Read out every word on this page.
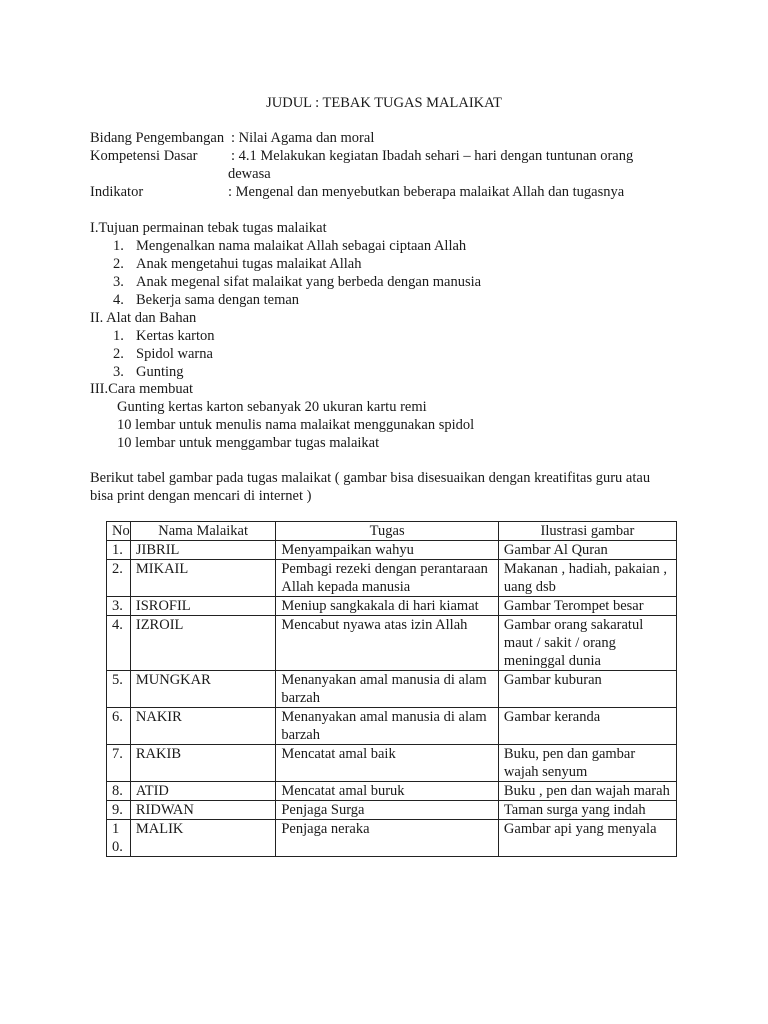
JUDUL : TEBAK TUGAS MALAIKAT
Bidang Pengembangan : Nilai Agama dan moral
Kompetensi Dasar : 4.1 Melakukan kegiatan Ibadah sehari – hari dengan tuntunan orang
dewasa
Indikator	: Mengenal dan menyebutkan beberapa malaikat Allah dan tugasnya
I.Tujuan permainan tebak tugas malaikat
1. Mengenalkan nama malaikat Allah sebagai ciptaan Allah
2. Anak mengetahui tugas malaikat Allah
3. Anak megenal sifat malaikat yang berbeda dengan manusia
4. Bekerja sama dengan teman
II. Alat dan Bahan
1. Kertas karton
2. Spidol warna
3. Gunting
III.Cara membuat
Gunting kertas karton sebanyak 20 ukuran kartu remi
10 lembar untuk menulis nama malaikat menggunakan spidol
10 lembar untuk menggambar tugas malaikat
Berikut tabel gambar pada tugas malaikat ( gambar bisa disesuaikan dengan kreatifitas guru atau
bisa print dengan mencari di internet )
No	Nama Malaikat	Tugas	Ilustrasi gambar
1.	JIBRIL	Menyampaikan wahyu	Gambar Al Quran
2.	MIKAIL	Pembagi rezeki dengan perantaraan Allah kepada manusia	Makanan , hadiah, pakaian , uang dsb
3.	ISROFIL	Meniup sangkakala di hari kiamat	Gambar Terompet besar
4.	IZROIL	Mencabut nyawa atas izin Allah	Gambar orang sakaratul maut / sakit / orang meninggal dunia
5.	MUNGKAR	Menanyakan amal manusia di alam barzah	Gambar kuburan
6.	NAKIR	Menanyakan amal manusia di alam barzah	Gambar keranda
7.	RAKIB	Mencatat amal baik	Buku, pen dan gambar wajah senyum
8.	ATID	Mencatat amal buruk	Buku , pen dan wajah marah
9.	RIDWAN	Penjaga Surga	Taman surga yang indah
10.	MALIK	Penjaga neraka	Gambar api yang menyala
